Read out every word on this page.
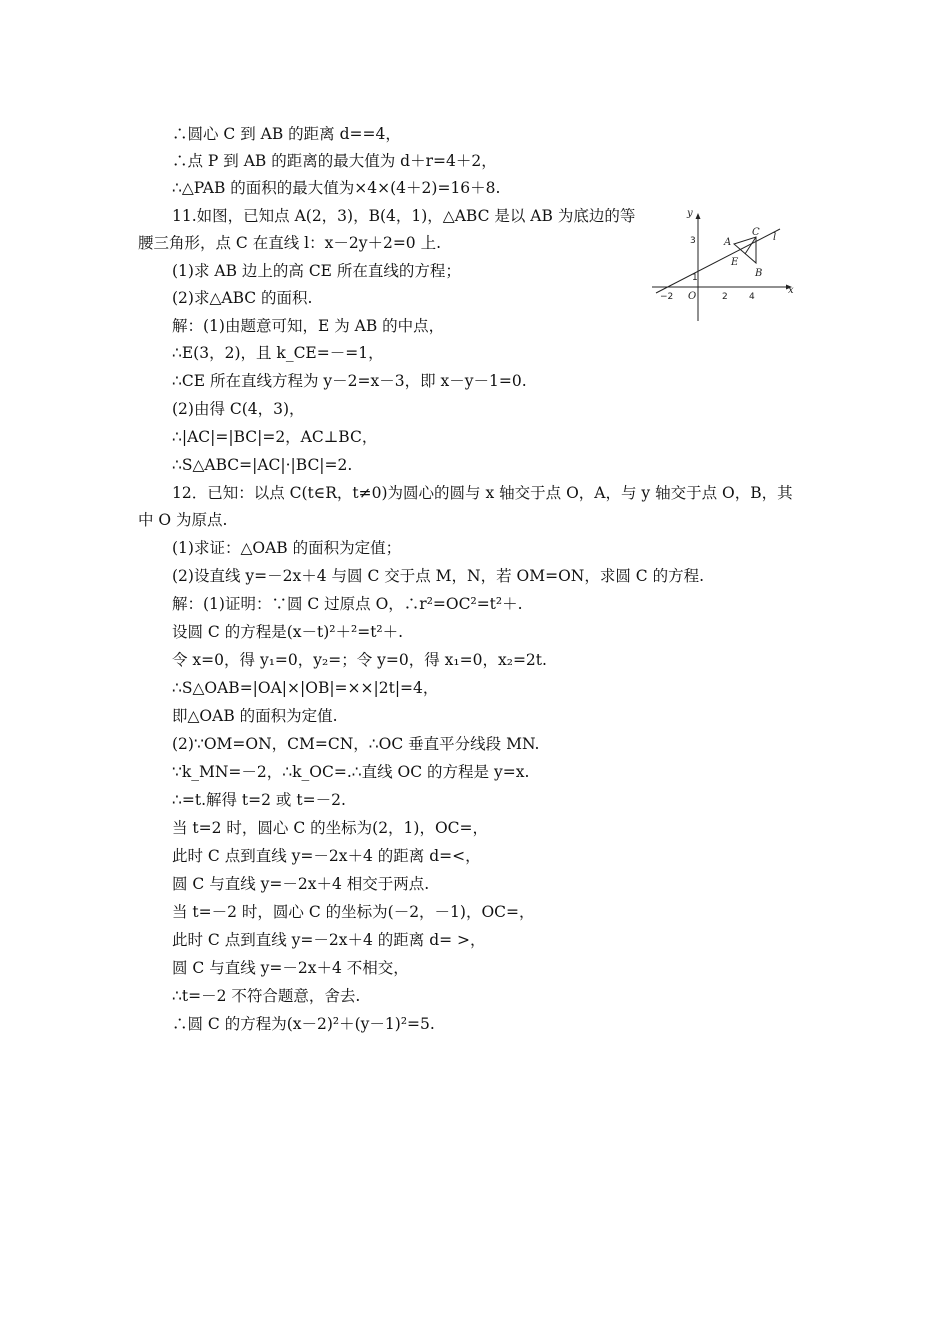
∴圆心 C 到 AB 的距离 d==4，
∴点 P 到 AB 的距离的最大值为 d＋r=4＋2，
∴△PAB 的面积的最大值为×4×(4＋2)=16＋8.
11.如图，已知点 A(2，3)，B(4，1)，△ABC 是以 AB 为底边的等
腰三角形，点 C 在直线 l：x－2y＋2=0 上.
(1)求 AB 边上的高 CE 所在直线的方程；
(2)求△ABC 的面积.
解：(1)由题意可知，E 为 AB 的中点，
∴E(3，2)，且 k_CE=－=1，
∴CE 所在直线方程为 y－2=x－3，即 x－y－1=0.
(2)由得 C(4，3)，
∴|AC|=|BC|=2，AC⊥BC，
∴S△ABC=|AC|·|BC|=2.
12．已知：以点 C(t∈R，t≠0)为圆心的圆与 x 轴交于点 O，A，与 y 轴交于点 O，B，其
中 O 为原点.
(1)求证：△OAB 的面积为定值；
(2)设直线 y=－2x＋4 与圆 C 交于点 M，N，若 OM=ON，求圆 C 的方程.
解：(1)证明：∵圆 C 过原点 O，∴r²=OC²=t²＋.
设圆 C 的方程是(x－t)²＋²=t²＋.
令 x=0，得 y₁=0，y₂=；令 y=0，得 x₁=0，x₂=2t.
∴S△OAB=|OA|×|OB|=××|2t|=4，
即△OAB 的面积为定值.
(2)∵OM=ON，CM=CN，∴OC 垂直平分线段 MN.
∵k_MN=－2，∴k_OC=.∴直线 OC 的方程是 y=x.
∴=t.解得 t=2 或 t=－2.
当 t=2 时，圆心 C 的坐标为(2，1)，OC=，
此时 C 点到直线 y=－2x＋4 的距离 d=<，
圆 C 与直线 y=－2x＋4 相交于两点.
当 t=－2 时，圆心 C 的坐标为(－2，－1)，OC=，
此时 C 点到直线 y=－2x＋4 的距离 d= >，
圆 C 与直线 y=－2x＋4 不相交，
∴t=－2 不符合题意，舍去.
∴圆 C 的方程为(x－2)²＋(y－1)²=5.
y
x
O
l
A
B
C
E
3
1
−2	2 4
